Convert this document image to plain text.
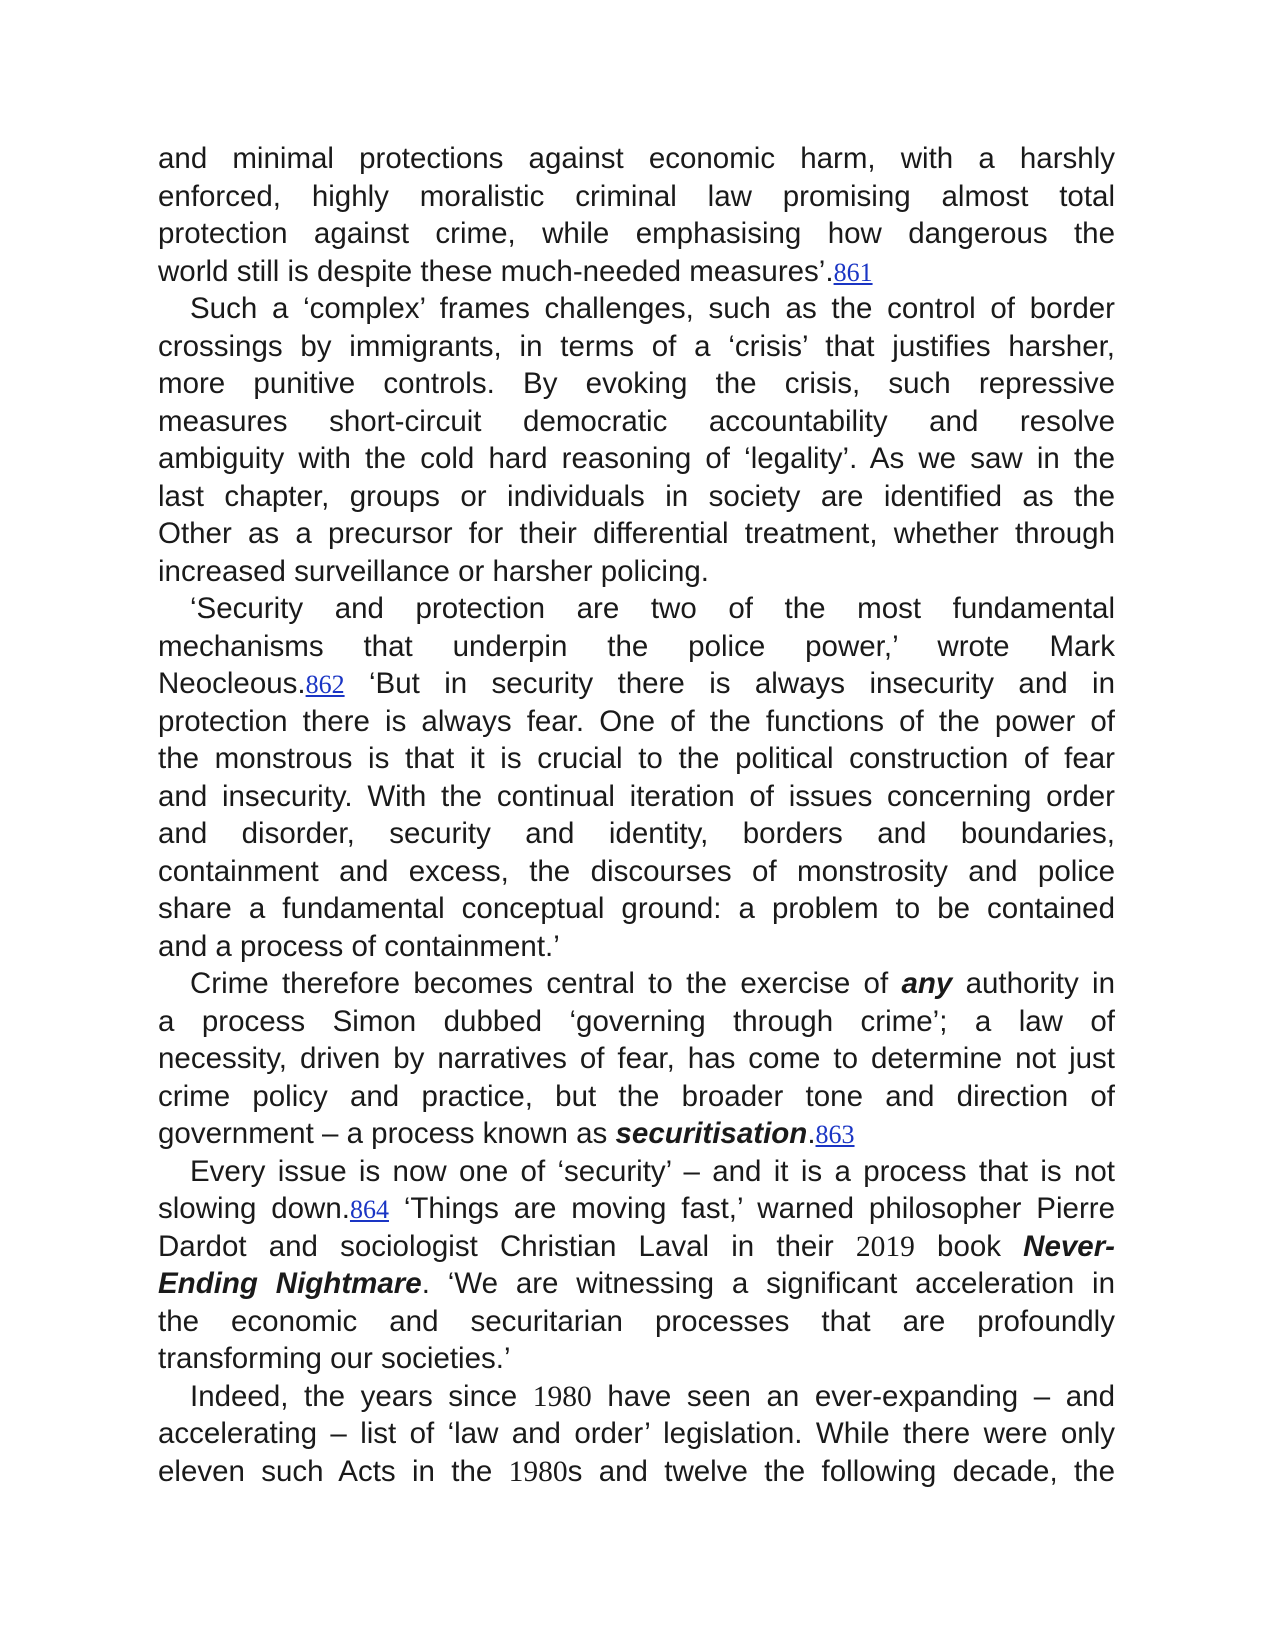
and minimal protections against economic harm, with a harshly
enforced, highly moralistic criminal law promising almost total
protection against crime, while emphasising how dangerous the
world still is despite these much-needed measures’.861
Such a ‘complex’ frames challenges, such as the control of border
crossings by immigrants, in terms of a ‘crisis’ that justifies harsher,
more punitive controls. By evoking the crisis, such repressive
measures short-circuit democratic accountability and resolve
ambiguity with the cold hard reasoning of ‘legality’. As we saw in the
last chapter, groups or individuals in society are identified as the
Other as a precursor for their differential treatment, whether through
increased surveillance or harsher policing.
‘Security and protection are two of the most fundamental
mechanisms that underpin the police power,’ wrote Mark
Neocleous.862 ‘But in security there is always insecurity and in
protection there is always fear. One of the functions of the power of
the monstrous is that it is crucial to the political construction of fear
and insecurity. With the continual iteration of issues concerning order
and disorder, security and identity, borders and boundaries,
containment and excess, the discourses of monstrosity and police
share a fundamental conceptual ground: a problem to be contained
and a process of containment.’
Crime therefore becomes central to the exercise of any authority in
a process Simon dubbed ‘governing through crime’; a law of
necessity, driven by narratives of fear, has come to determine not just
crime policy and practice, but the broader tone and direction of
government – a process known as securitisation.863
Every issue is now one of ‘security’ – and it is a process that is not
slowing down.864 ‘Things are moving fast,’ warned philosopher Pierre
Dardot and sociologist Christian Laval in their 2019 book Never-
Ending Nightmare. ‘We are witnessing a significant acceleration in
the economic and securitarian processes that are profoundly
transforming our societies.’
Indeed, the years since 1980 have seen an ever-expanding – and
accelerating – list of ‘law and order’ legislation. While there were only
eleven such Acts in the 1980s and twelve the following decade, the
